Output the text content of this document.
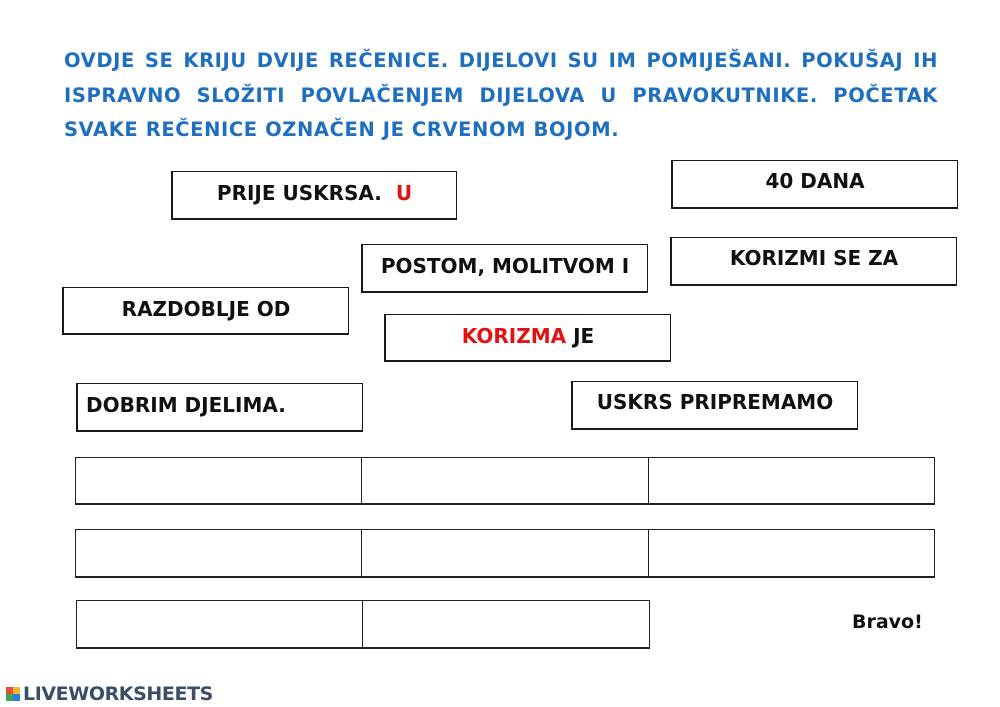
OVDJE SE KRIJU DVIJE REČENICE. DIJELOVI SU IM POMIJEŠANI. POKUŠAJ IH ISPRAVNO SLOŽITI POVLAČENJEM DIJELOVA U PRAVOKUTNIKE. POČETAK SVAKE REČENICE OZNAČEN JE CRVENOM BOJOM.

PRIJE USKRSA. U	40 DANA
POSTOM, MOLITVOM I	KORIZMI SE ZA
RAZDOBLJE OD
KORIZMA JE
DOBRIM DJELIMA.	USKRS PRIPREMAMO
Bravo!
LIVEWORKSHEETS
